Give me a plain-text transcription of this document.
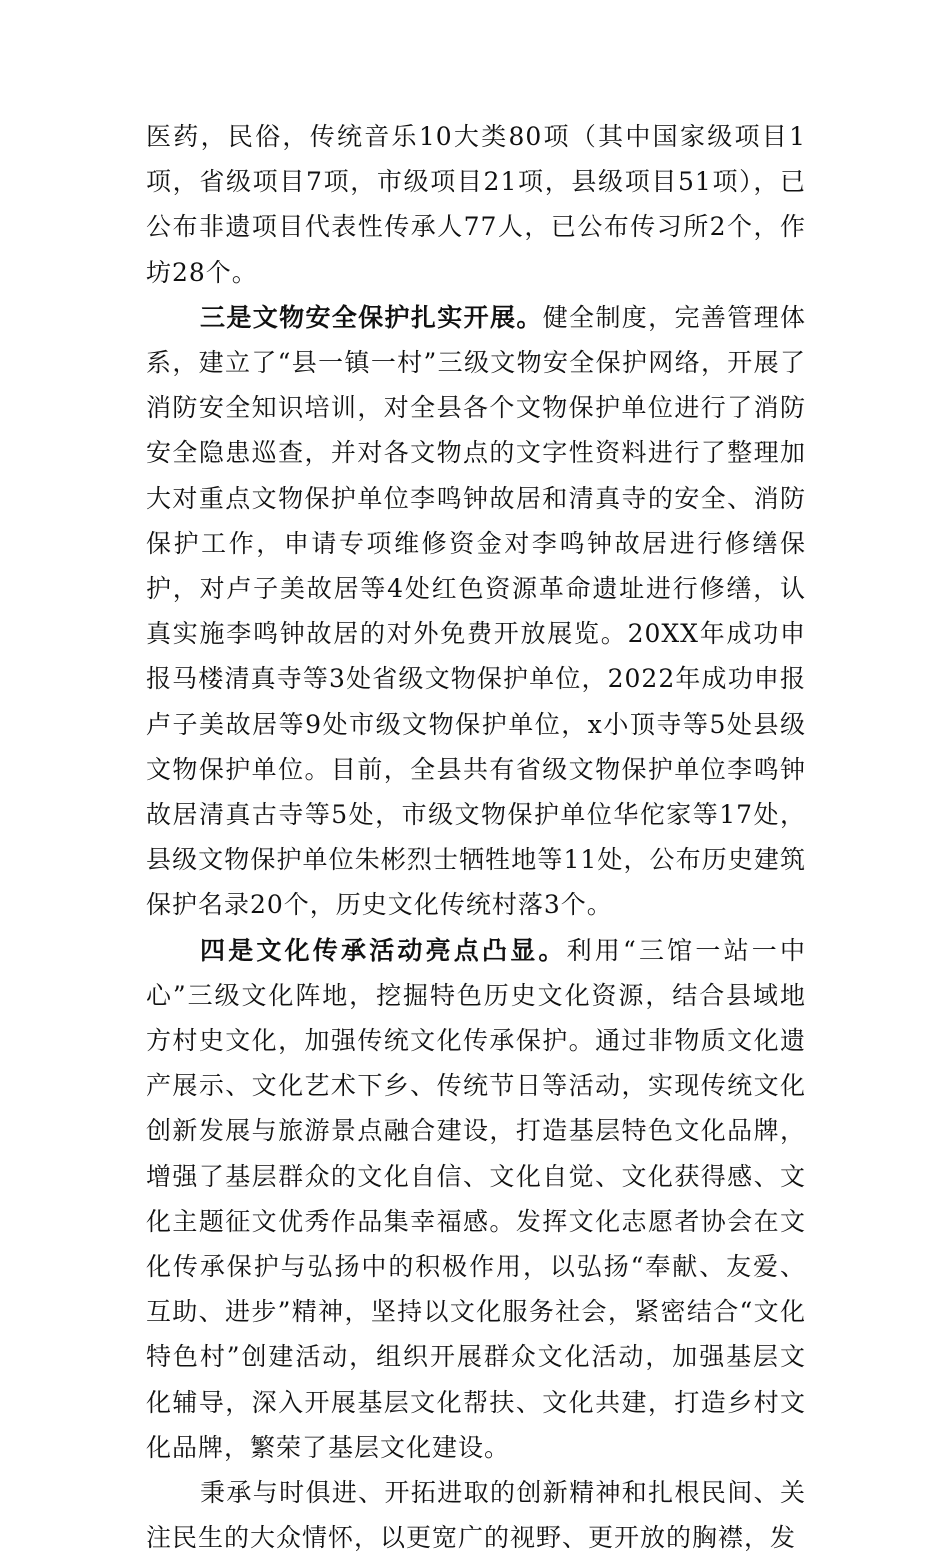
医药，民俗，传统音乐10大类80项（其中国家级项目1项，省级项目7项，市级项目21项，县级项目51项），已公布非遗项目代表性传承人77人，已公布传习所2个，作坊28个。

三是文物安全保护扎实开展。健全制度，完善管理体系，建立了“县一镇一村”三级文物安全保护网络，开展了消防安全知识培训，对全县各个文物保护单位进行了消防安全隐患巡查，并对各文物点的文字性资料进行了整理加大对重点文物保护单位李鸣钟故居和清真寺的安全、消防保护工作，申请专项维修资金对李鸣钟故居进行修缮保护，对卢子美故居等4处红色资源革命遗址进行修缮，认真实施李鸣钟故居的对外免费开放展览。20XX年成功申报马楼清真寺等3处省级文物保护单位，2022年成功申报卢子美故居等9处市级文物保护单位，x小顶寺等5处县级文物保护单位。目前，全县共有省级文物保护单位李鸣钟故居清真古寺等5处，市级文物保护单位华佗家等17处，县级文物保护单位朱彬烈士牺牲地等11处，公布历史建筑保护名录20个，历史文化传统村落3个。

四是文化传承活动亮点凸显。利用“三馆一站一中心”三级文化阵地，挖掘特色历史文化资源，结合县域地方村史文化，加强传统文化传承保护。通过非物质文化遗产展示、文化艺术下乡、传统节日等活动，实现传统文化创新发展与旅游景点融合建设，打造基层特色文化品牌，增强了基层群众的文化自信、文化自觉、文化获得感、文化主题征文优秀作品集幸福感。发挥文化志愿者协会在文化传承保护与弘扬中的积极作用，以弘扬“奉献、友爱、互助、进步”精神，坚持以文化服务社会，紧密结合“文化特色村”创建活动，组织开展群众文化活动，加强基层文化辅导，深入开展基层文化帮扶、文化共建，打造乡村文化品牌，繁荣了基层文化建设。

秉承与时俱进、开拓进取的创新精神和扎根民间、关注民生的大众情怀，以更宽广的视野、更开放的胸襟，发
